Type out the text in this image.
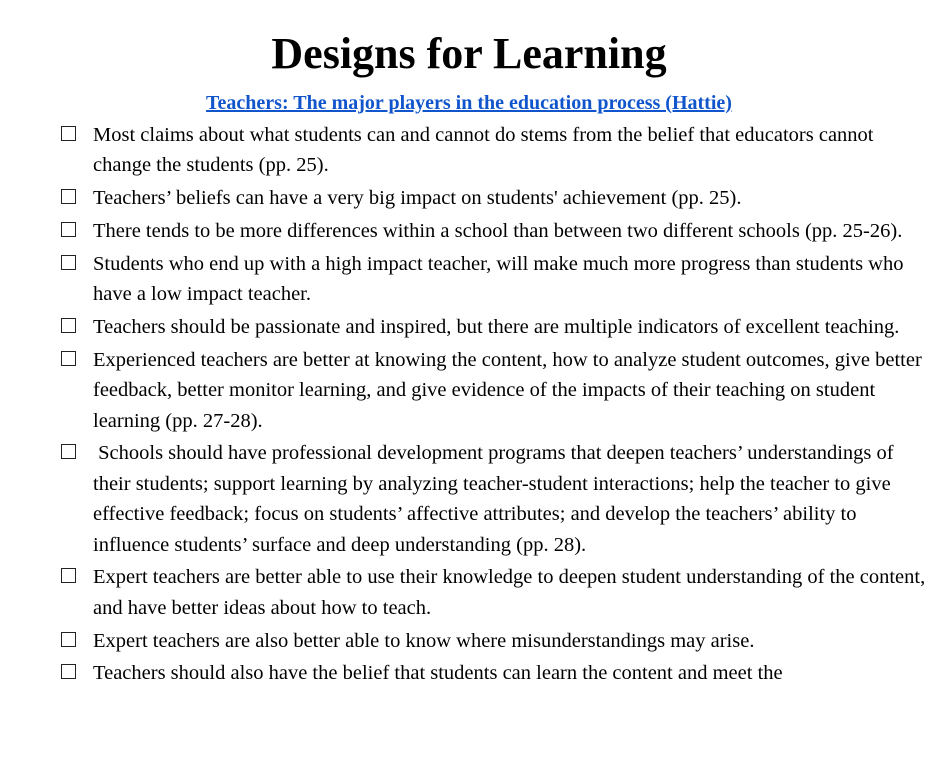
Designs for Learning

Teachers: The major players in the education process (Hattie)

Most claims about what students can and cannot do stems from the belief that educators cannot change the students (pp. 25).
Teachers’ beliefs can have a very big impact on students' achievement (pp. 25).
There tends to be more differences within a school than between two different schools (pp. 25-26).
Students who end up with a high impact teacher, will make much more progress than students who have a low impact teacher.
Teachers should be passionate and inspired, but there are multiple indicators of excellent teaching.
Experienced teachers are better at knowing the content, how to analyze student outcomes, give better feedback, better monitor learning, and give evidence of the impacts of their teaching on student learning (pp. 27-28).
Schools should have professional development programs that deepen teachers’ understandings of their students; support learning by analyzing teacher-student interactions; help the teacher to give effective feedback; focus on students’ affective attributes; and develop the teachers’ ability to influence students’ surface and deep understanding (pp. 28).
Expert teachers are better able to use their knowledge to deepen student understanding of the content, and have better ideas about how to teach.
Expert teachers are also better able to know where misunderstandings may arise.
Teachers should also have the belief that students can learn the content and meet the
